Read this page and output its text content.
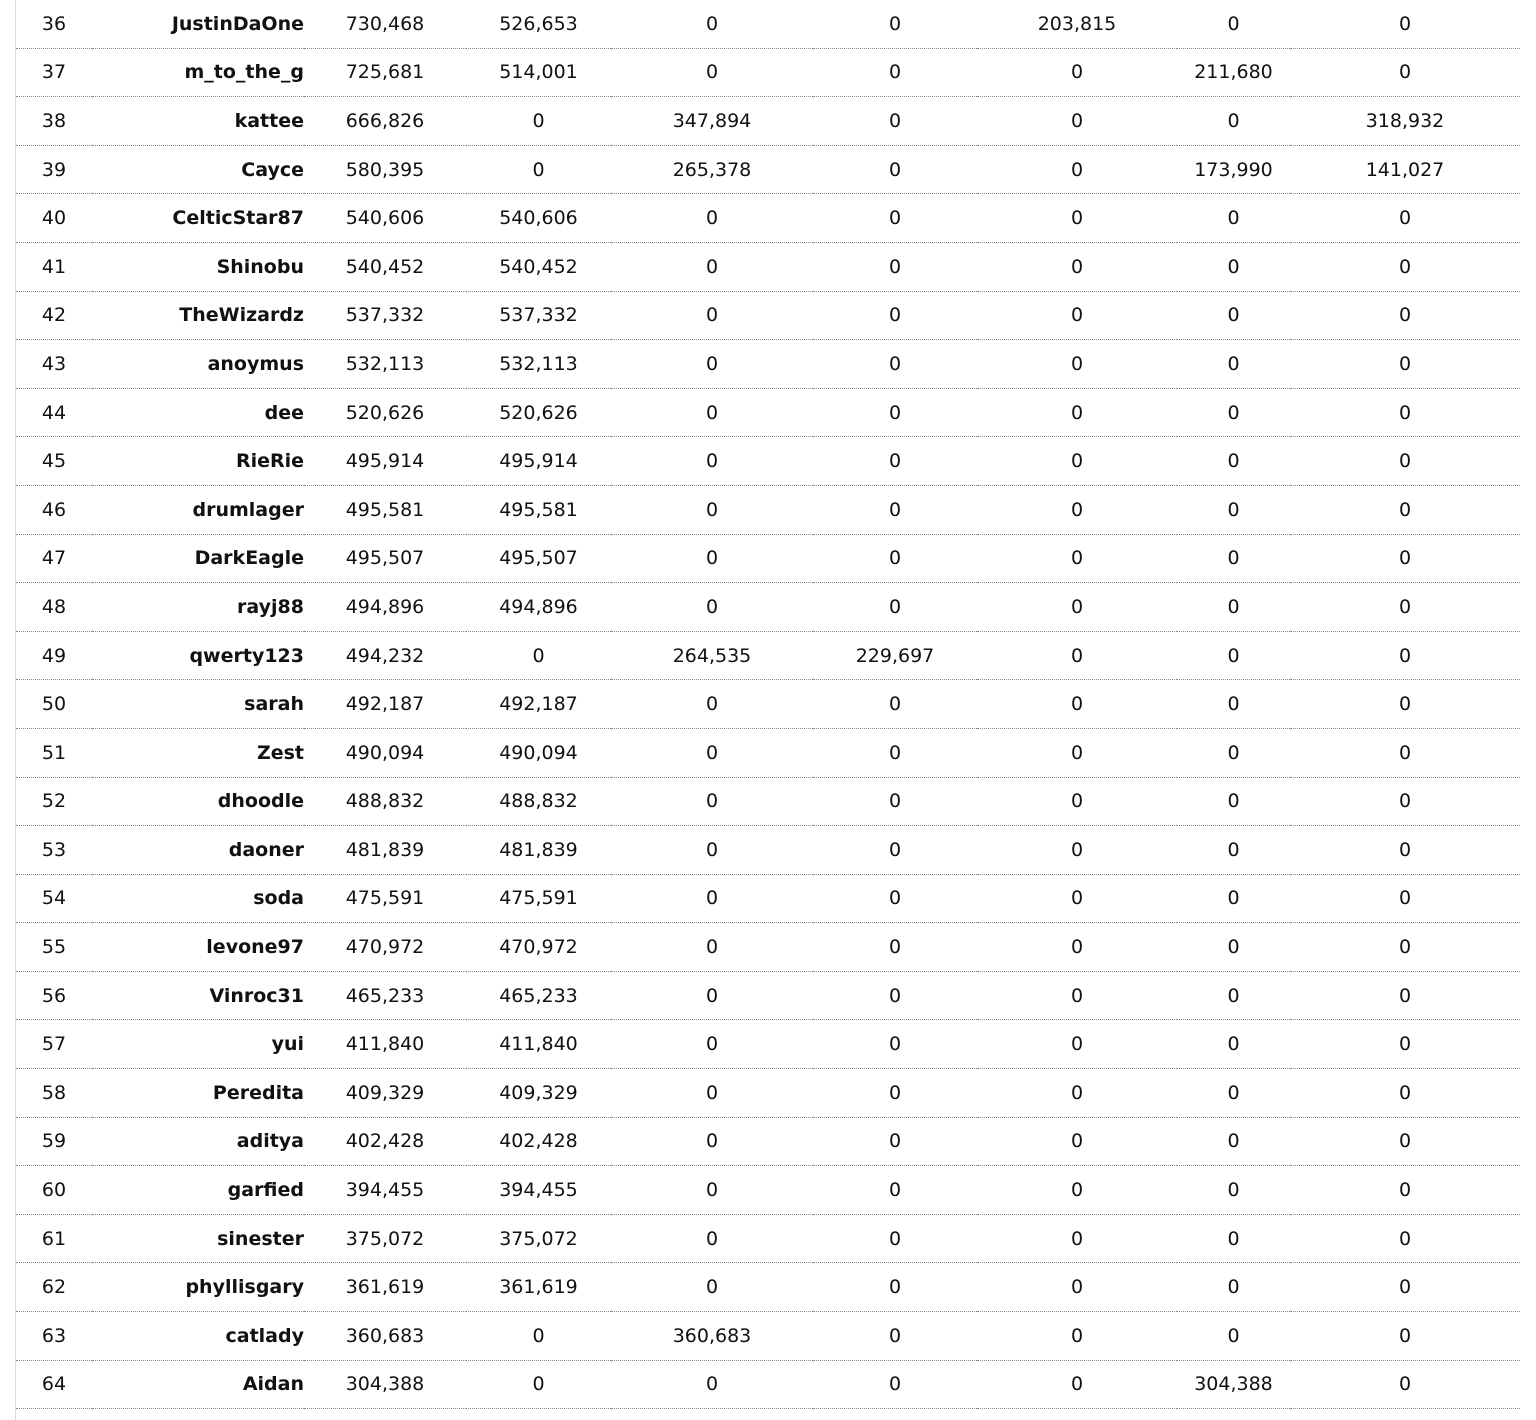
36	JustinDaOne	730,468	526,653	0	0	203,815	0	0
37	m_to_the_g	725,681	514,001	0	0	0	211,680	0
38	kattee	666,826	0	347,894	0	0	0	318,932
39	Cayce	580,395	0	265,378	0	0	173,990	141,027
40	CelticStar87	540,606	540,606	0	0	0	0	0
41	Shinobu	540,452	540,452	0	0	0	0	0
42	TheWizardz	537,332	537,332	0	0	0	0	0
43	anoymus	532,113	532,113	0	0	0	0	0
44	dee	520,626	520,626	0	0	0	0	0
45	RieRie	495,914	495,914	0	0	0	0	0
46	drumlager	495,581	495,581	0	0	0	0	0
47	DarkEagle	495,507	495,507	0	0	0	0	0
48	rayj88	494,896	494,896	0	0	0	0	0
49	qwerty123	494,232	0	264,535	229,697	0	0	0
50	sarah	492,187	492,187	0	0	0	0	0
51	Zest	490,094	490,094	0	0	0	0	0
52	dhoodle	488,832	488,832	0	0	0	0	0
53	daoner	481,839	481,839	0	0	0	0	0
54	soda	475,591	475,591	0	0	0	0	0
55	levone97	470,972	470,972	0	0	0	0	0
56	Vinroc31	465,233	465,233	0	0	0	0	0
57	yui	411,840	411,840	0	0	0	0	0
58	Peredita	409,329	409,329	0	0	0	0	0
59	aditya	402,428	402,428	0	0	0	0	0
60	garfied	394,455	394,455	0	0	0	0	0
61	sinester	375,072	375,072	0	0	0	0	0
62	phyllisgary	361,619	361,619	0	0	0	0	0
63	catlady	360,683	0	360,683	0	0	0	0
64	Aidan	304,388	0	0	0	0	304,388	0
